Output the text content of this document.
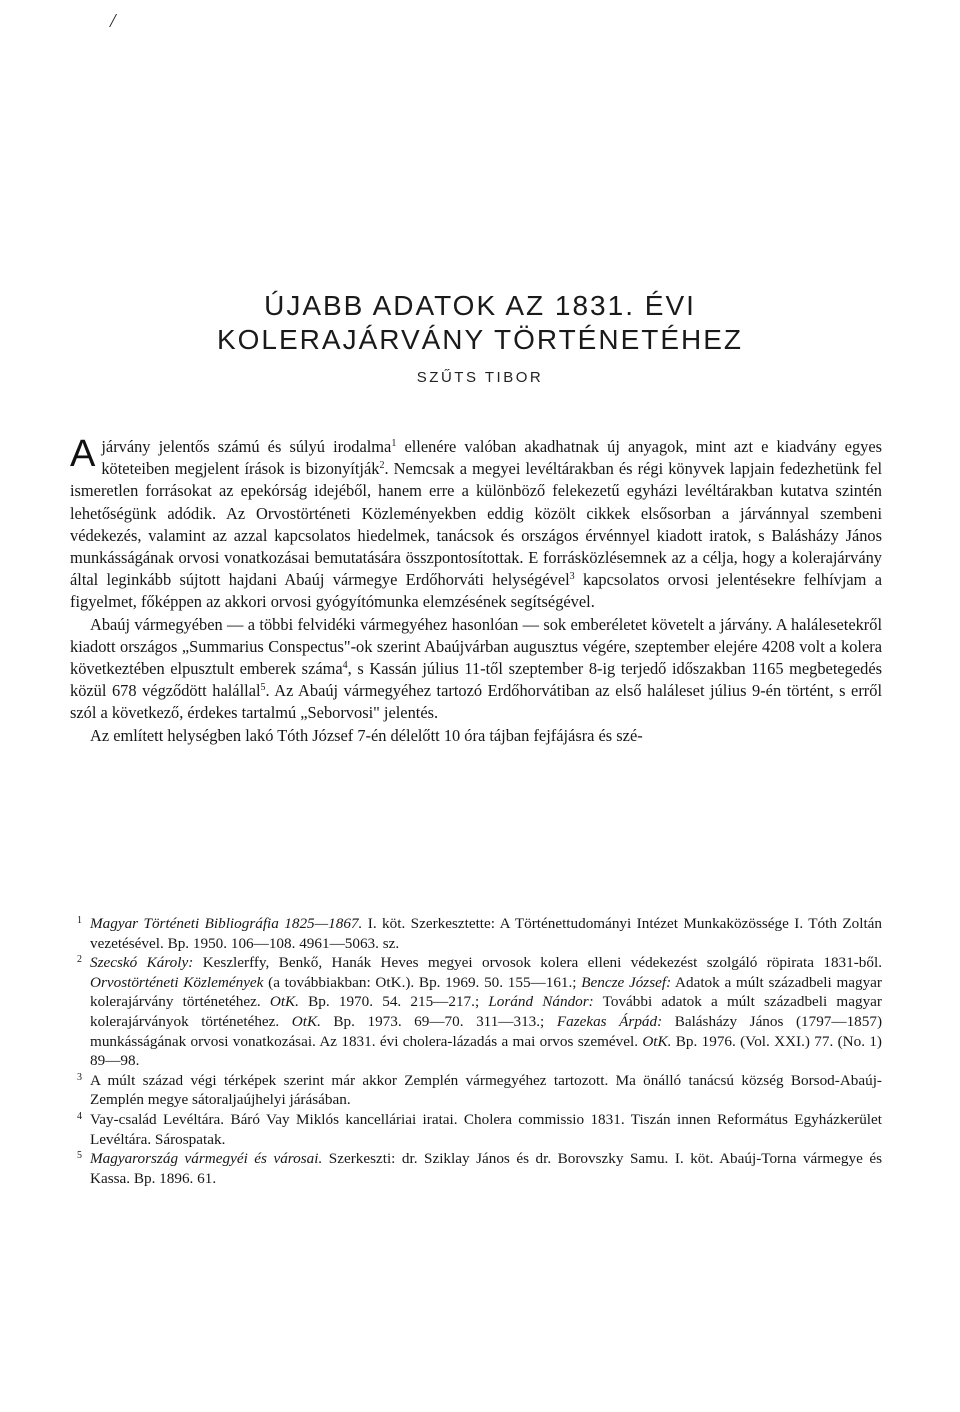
/
ÚJABB ADATOK AZ 1831. ÉVI
KOLERAJÁRVÁNY TÖRTÉNETÉHEZ
SZŰTS TIBOR

Ajárvány jelentős számú és súlyú irodalma$^1$ ellenére valóban akadhatnak új anyagok, mint azt e kiadvány egyes köteteiben megjelent írások is bizonyítják$^2$. Nemcsak a megyei levéltárakban és régi könyvek lapjain fedezhetünk fel ismeretlen forrásokat az epekórság idejéből, hanem erre a különböző felekezetű egyházi levéltárakban kutatva szintén lehetőségünk adódik. Az Orvostörténeti Közleményekben eddig közölt cikkek elsősorban a járvánnyal szembeni védekezés, valamint az azzal kapcsolatos hiedelmek, tanácsok és országos érvénnyel kiadott iratok, s Balásházy János munkásságának orvosi vonatkozásai bemutatására összpontosítottak. E forrásközlésemnek az a célja, hogy a kolerajárvány által leginkább sújtott hajdani Abaúj vármegye Erdőhorváti helységével$^3$ kapcsolatos orvosi jelentésekre felhívjam a figyelmet, főképpen az akkori orvosi gyógyítómunka elemzésének segítségével.

Abaúj vármegyében — a többi felvidéki vármegyéhez hasonlóan — sok emberéletet követelt a járvány. A halálesetekről kiadott országos „Summarius Conspectus"-ok szerint Abaújvárban augusztus végére, szeptember elejére 4208 volt a kolera következtében elpusztult emberek száma$^4$, s Kassán július 11-től szeptember 8-ig terjedő időszakban 1165 megbetegedés közül 678 végződött halállal$^5$. Az Abaúj vármegyéhez tartozó Erdőhorvátiban az első haláleset július 9-én történt, s erről szól a következő, érdekes tartalmú „Seborvosi" jelentés.

Az említett helységben lakó Tóth József 7-én délelőtt 10 óra tájban fejfájásra és szé-

1 Magyar Történeti Bibliográfia 1825—1867. I. köt. Szerkesztette: A Történettudományi Intézet Munkaközössége I. Tóth Zoltán vezetésével. Bp. 1950. 106—108. 4961—5063. sz.

2 Szecskó Károly: Keszlerffy, Benkő, Hanák Heves megyei orvosok kolera elleni védekezést szolgáló röpirata 1831-ből. Orvostörténeti Közlemények (a továbbiakban: OtK.). Bp. 1969. 50. 155—161.; Bencze József: Adatok a múlt századbeli magyar kolerajárvány történetéhez. OtK. Bp. 1970. 54. 215—217.; Loránd Nándor: További adatok a múlt századbeli magyar kolerajárványok történetéhez. OtK. Bp. 1973. 69—70. 311—313.; Fazekas Árpád: Balásházy János (1797—1857) munkásságának orvosi vonatkozásai. Az 1831. évi cholera-lázadás a mai orvos szemével. OtK. Bp. 1976. (Vol. XXI.) 77. (No. 1) 89—98.

3 A múlt század végi térképek szerint már akkor Zemplén vármegyéhez tartozott. Ma önálló tanácsú község Borsod-Abaúj-Zemplén megye sátoraljaújhelyi járásában.

4 Vay-család Levéltára. Báró Vay Miklós kancelláriai iratai. Cholera commissio 1831. Tiszán innen Református Egyházkerület Levéltára. Sárospatak.

5 Magyarország vármegyéi és városai. Szerkeszti: dr. Sziklay János és dr. Borovszky Samu. I. köt. Abaúj-Torna vármegye és Kassa. Bp. 1896. 61.
